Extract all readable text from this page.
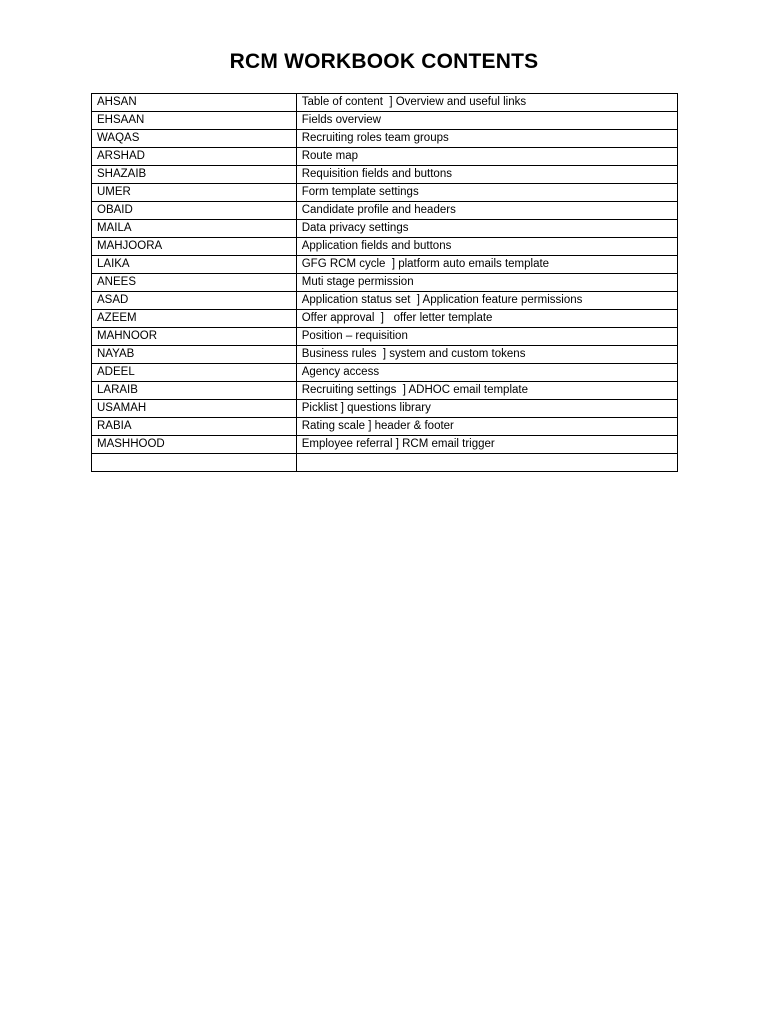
RCM WORKBOOK CONTENTS
AHSAN	Table of content  ] Overview and useful links
EHSAAN	Fields overview
WAQAS	Recruiting roles team groups
ARSHAD	Route map
SHAZAIB	Requisition fields and buttons
UMER	Form template settings
OBAID	Candidate profile and headers
MAILA	Data privacy settings
MAHJOORA	Application fields and buttons
LAIKA	GFG RCM cycle  ] platform auto emails template
ANEES	Muti stage permission
ASAD	Application status set  ] Application feature permissions
AZEEM	Offer approval  ]   offer letter template
MAHNOOR	Position – requisition
NAYAB	Business rules  ] system and custom tokens
ADEEL	Agency access
LARAIB	Recruiting settings  ] ADHOC email template
USAMAH	Picklist ] questions library
RABIA	Rating scale ] header & footer
MASHHOOD	Employee referral ] RCM email trigger
